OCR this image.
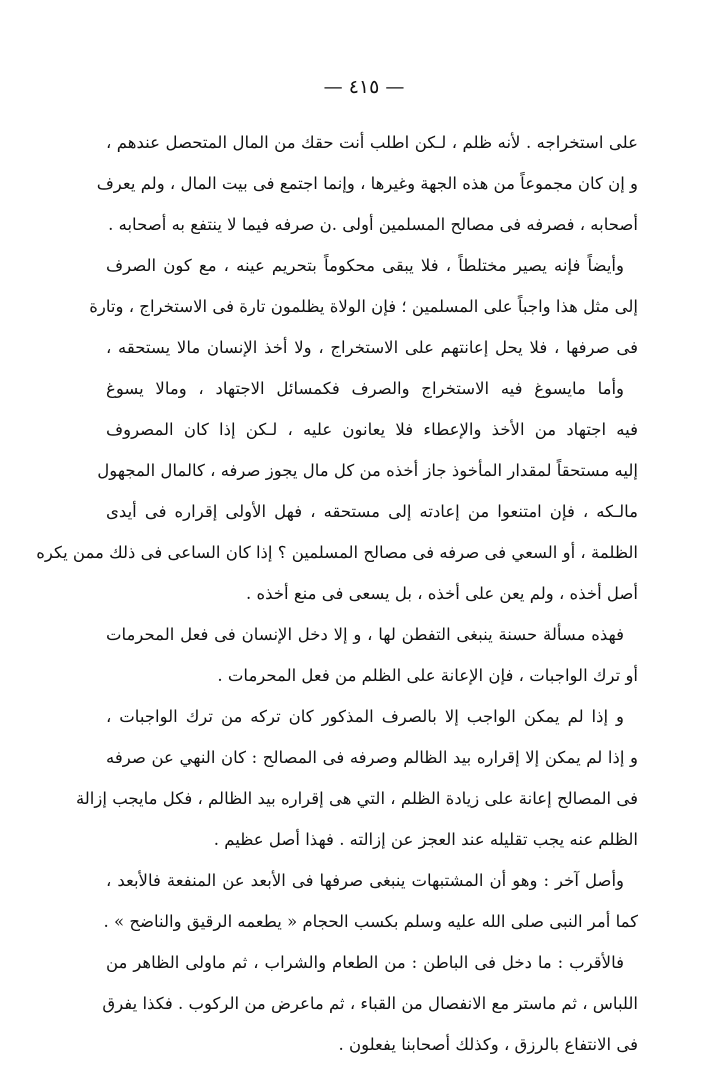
— ٤١٥ —
على استخراجه . لأنه ظلم ، لـكن اطلب أنت حقك من المال المتحصل عندهم ،
و إن كان مجموعاً من هذه الجهة وغيرها ، وإنما اجتمع فى بيت المال ، ولم يعرف
أصحابه ، فصرفه فى مصالح المسلمين أولى .ن صرفه فيما لا ينتفع به أصحابه .
وأيضاً فإنه يصير مختلطاً ، فلا يبقى محكوماً بتحريم عينه ، مع كون الصرف
إلى مثل هذا واجباً على المسلمين ؛ فإن الولاة يظلمون تارة فى الاستخراج ، وتارة
فى صرفها ، فلا يحل إعانتهم على الاستخراج ، ولا أخذ الإنسان مالا يستحقه ،
وأما مايسوغ فيه الاستخراج والصرف فكمسائل الاجتهاد ، ومالا يسوغ
فيه اجتهاد من الأخذ والإعطاء فلا يعانون عليه ، لـكن إذا كان المصروف
إليه مستحقاً لمقدار المأخوذ جاز أخذه من كل مال يجوز صرفه ، كالمال المجهول
مالـكه ، فإن امتنعوا من إعادته إلى مستحقه ، فهل الأولى إقراره فى أيدى
الظلمة ، أو السعي فى صرفه فى مصالح المسلمين ؟ إذا كان الساعى فى ذلك ممن يكره
أصل أخذه ، ولم يعن على أخذه ، بل يسعى فى منع أخذه .
فهذه مسألة حسنة ينبغى التفطن لها ، و إلا دخل الإنسان فى فعل المحرمات
أو ترك الواجبات ، فإن الإعانة على الظلم من فعل المحرمات .
و إذا لم يمكن الواجب إلا بالصرف المذكور كان تركه من ترك الواجبات ،
و إذا لم يمكن إلا إقراره بيد الظالم وصرفه فى المصالح : كان النهي عن صرفه
فى المصالح إعانة على زيادة الظلم ، التي هى إقراره بيد الظالم ، فكل مايجب إزالة
الظلم عنه يجب تقليله عند العجز عن إزالته . فهذا أصل عظيم .
وأصل آخر : وهو أن المشتبهات ينبغى صرفها فى الأبعد عن المنفعة فالأبعد ،
كما أمر النبى صلى الله عليه وسلم بكسب الحجام « يطعمه الرقيق والناضح » .
فالأقرب : ما دخل فى الباطن : من الطعام والشراب ، ثم ماولى الظاهر من
اللباس ، ثم ماستر مع الانفصال من القباء ، ثم ماعرض من الركوب . فكذا يفرق
فى الانتفاع بالرزق ، وكذلك أصحابنا يفعلون .
